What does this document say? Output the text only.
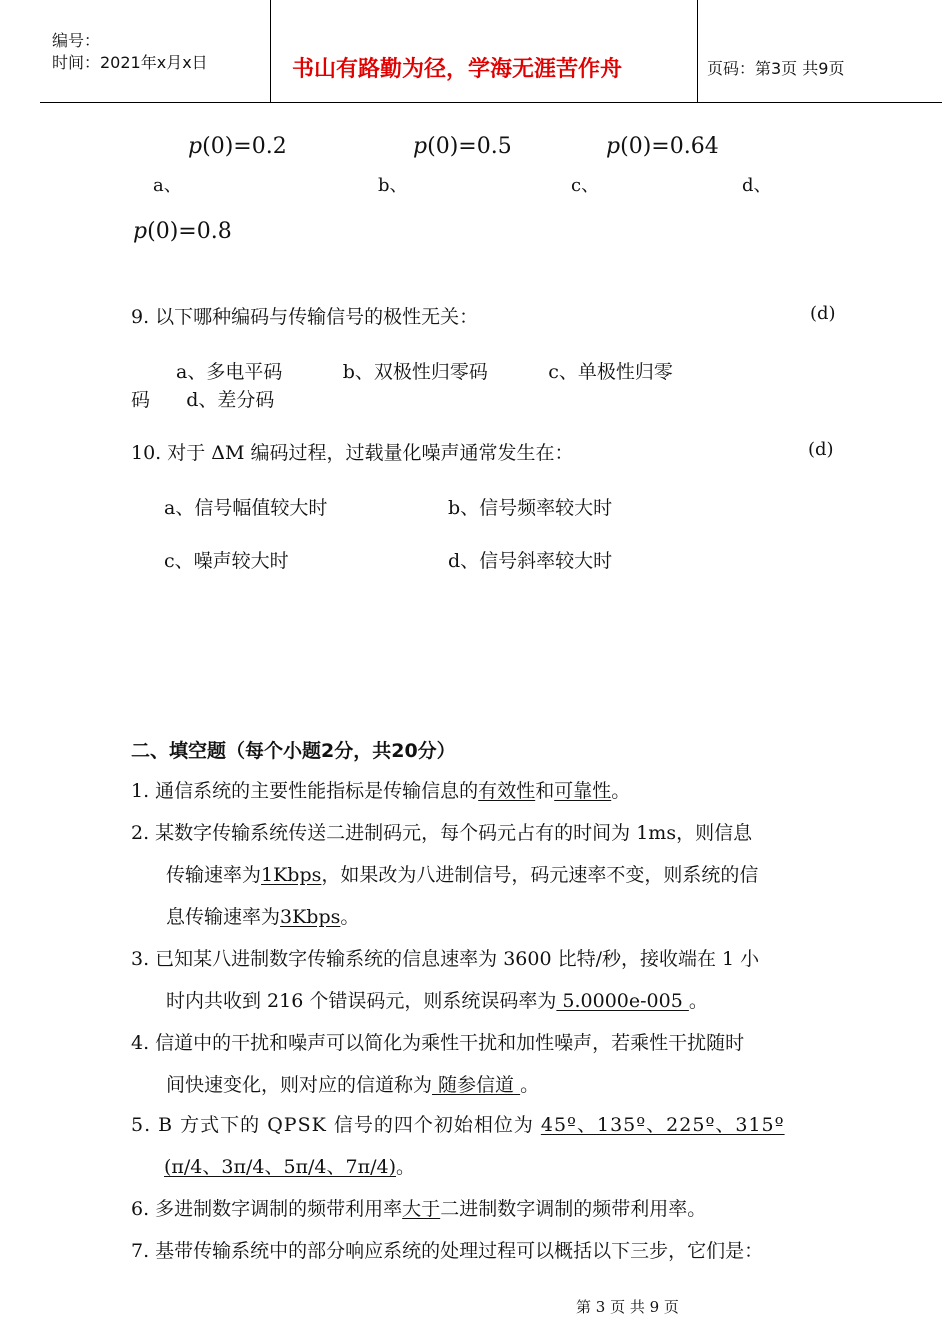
编号：
时间：2021年x月x日	书山有路勤为径，学海无涯苦作舟	页码：第3页 共9页
p(0)=0.2	p(0)=0.5	p(0)=0.64
a、	b、	c、	d、
p(0)=0.8
9. 以下哪种编码与传输信号的极性无关：	(d)
a、多电平码          b、双极性归零码          c、单极性归零
码      d、差分码
10. 对于 ΔM 编码过程，过载量化噪声通常发生在：	(d)
a、信号幅值较大时	b、信号频率较大时
c、噪声较大时	d、信号斜率较大时
二、填空题（每个小题2分，共20分）
1. 通信系统的主要性能指标是传输信息的有效性和可靠性。
2. 某数字传输系统传送二进制码元，每个码元占有的时间为 1ms，则信息
传输速率为1Kbps，如果改为八进制信号，码元速率不变，则系统的信
息传输速率为3Kbps。
3. 已知某八进制数字传输系统的信息速率为 3600 比特/秒，接收端在 1 小
时内共收到 216 个错误码元，则系统误码率为 5.0000e-005 。
4. 信道中的干扰和噪声可以简化为乘性干扰和加性噪声，若乘性干扰随时
间快速变化，则对应的信道称为 随参信道 。
5. B 方式下的 QPSK 信号的四个初始相位为 45º、135º、225º、315º
(π/4、3π/4、5π/4、7π/4)。
6. 多进制数字调制的频带利用率大于二进制数字调制的频带利用率。
7. 基带传输系统中的部分响应系统的处理过程可以概括以下三步，它们是：
第 3 页 共 9 页
